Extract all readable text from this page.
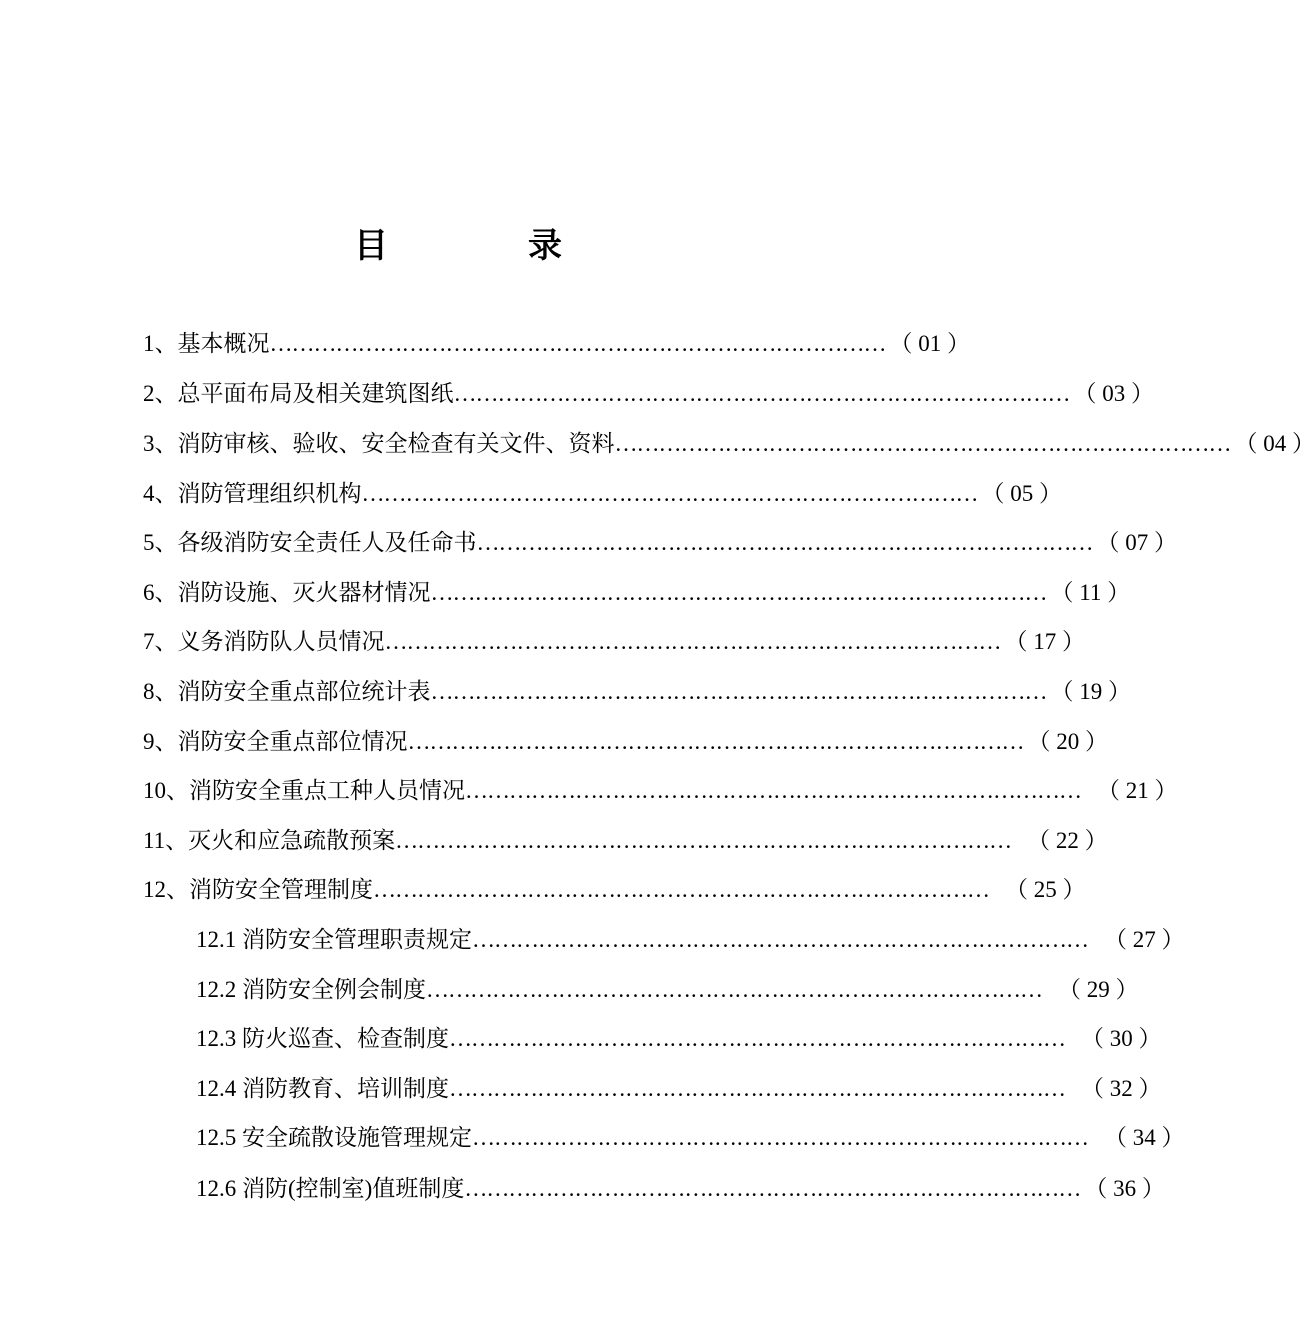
目	录
1、基本概况 ………………………………………………………………………… （ 01 ）
2、总平面布局及相关建筑图纸 ………………………………………………………………………… （ 03 ）
3、消防审核、验收、安全检查有关文件、资料 ………………………………………………………………………… （ 04 ）
4、消防管理组织机构 ………………………………………………………………………… （ 05 ）
5、各级消防安全责任人及任命书 ………………………………………………………………………… （ 07 ）
6、消防设施、灭火器材情况 ………………………………………………………………………… （ 11 ）
7、义务消防队人员情况 ………………………………………………………………………… （ 17 ）
8、消防安全重点部位统计表 ………………………………………………………………………… （ 19 ）
9、消防安全重点部位情况 ………………………………………………………………………… （ 20 ）
10、消防安全重点工种人员情况 ………………………………………………………………………… （ 21 ）
11、灭火和应急疏散预案 ………………………………………………………………………… （ 22 ）
12、消防安全管理制度 ………………………………………………………………………… （ 25 ）
12.1 消防安全管理职责规定 ………………………………………………………………………… （ 27 ）
12.2 消防安全例会制度 ………………………………………………………………………… （ 29 ）
12.3 防火巡查、检查制度 ………………………………………………………………………… （ 30 ）
12.4 消防教育、培训制度 ………………………………………………………………………… （ 32 ）
12.5 安全疏散设施管理规定 ………………………………………………………………………… （ 34 ）
12.6 消防(控制室)值班制度 ………………………………………………………………………… （ 36 ）
